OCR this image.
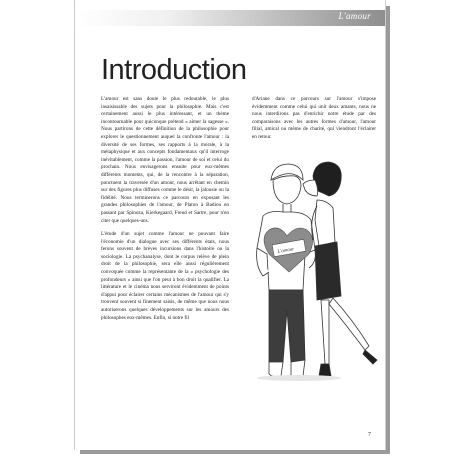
L'amour
Introduction

L'amour est sans doute le plus redoutable, le plus insaisissable des sujets pour la philosophie. Mais c'est certainement aussi le plus intéressant, et un thème incontournable pour quiconque prétend « aimer la sagesse ». Nous partirons de cette définition de la philosophie pour explorer le questionnement auquel la confronte l'amour : la diversité de ses formes, ses rapports à la morale, à la métaphysique et aux concepts fondamentaux qu'il interroge inévitablement, comme la passion, l'amour de soi et celui du prochain. Nous envisagerons ensuite pour eux-mêmes différents moments, qui, de la rencontre à la séparation, ponctuent la traversée d'un amour, nous arrêtant en chemin sur des figures plus diffuses comme le désir, la jalousie ou la fidélité. Nous terminerons ce parcours en exposant les grandes philosophies de l'amour, de Platon à Badiou en passant par Spinoza, Kierkegaard, Freud et Sartre, pour n'en citer que quelques-uns.

L'étude d'un sujet comme l'amour ne pouvant faire l'économie d'un dialogue avec ses différents états, nous ferons souvent de brèves incursions dans l'histoire ou la sociologie. La psychanalyse, dont le corpus relève de plein droit de la philosophie, sera elle aussi régulièrement convoquée comme la représentante de la « psychologie des profondeurs » ainsi que l'on peut à bon droit la qualifier. La littérature et le cinéma nous serviront évidemment de points d'appui pour éclairer certains mécanismes de l'amour qui s'y trouvent souvent si finement saisis, de même que nous nous autoriserons quelques développements sur les amours des philosophes eux-mêmes. Enfin, si notre fil

d'Ariane dans ce parcours sur l'amour s'impose évidemment comme celui qui unit deux amants, nous ne nous interdirons pas d'enrichir notre étude par des comparaisons avec les autres formes d'amour, l'amour filial, amical ou même de charité, qui viendront l'éclairer en retour.

L'amour
7
